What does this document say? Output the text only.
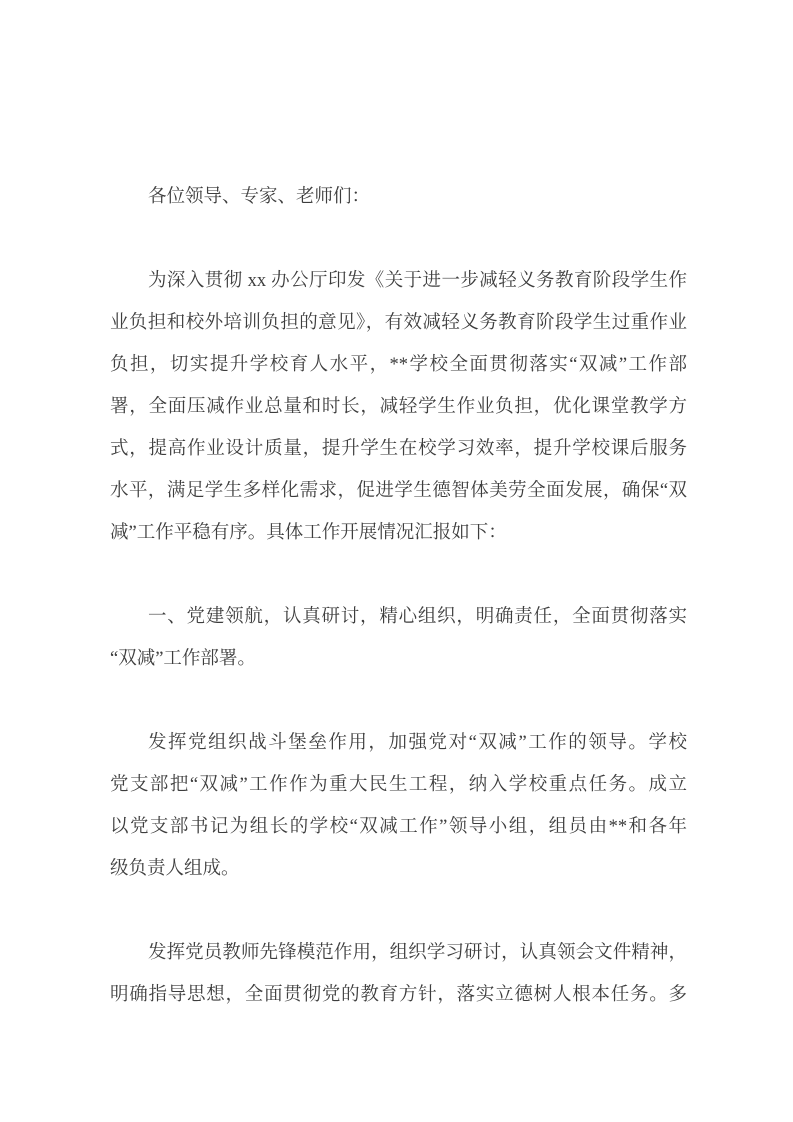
各位领导、专家、老师们：
为深入贯彻 xx 办公厅印发《关于进一步减轻义务教育阶段学生作
业负担和校外培训负担的意见》，有效减轻义务教育阶段学生过重作业
负担，切实提升学校育人水平，**学校全面贯彻落实“双减”工作部
署，全面压减作业总量和时长，减轻学生作业负担，优化课堂教学方
式，提高作业设计质量，提升学生在校学习效率，提升学校课后服务
水平，满足学生多样化需求，促进学生德智体美劳全面发展，确保“双
减”工作平稳有序。具体工作开展情况汇报如下：
一、党建领航，认真研讨，精心组织，明确责任，全面贯彻落实
“双减”工作部署。
发挥党组织战斗堡垒作用，加强党对“双减”工作的领导。学校
党支部把“双减”工作作为重大民生工程，纳入学校重点任务。成立
以党支部书记为组长的学校“双减工作”领导小组，组员由**和各年
级负责人组成。
发挥党员教师先锋模范作用，组织学习研讨，认真领会文件精神，
明确指导思想，全面贯彻党的教育方针，落实立德树人根本任务。多
